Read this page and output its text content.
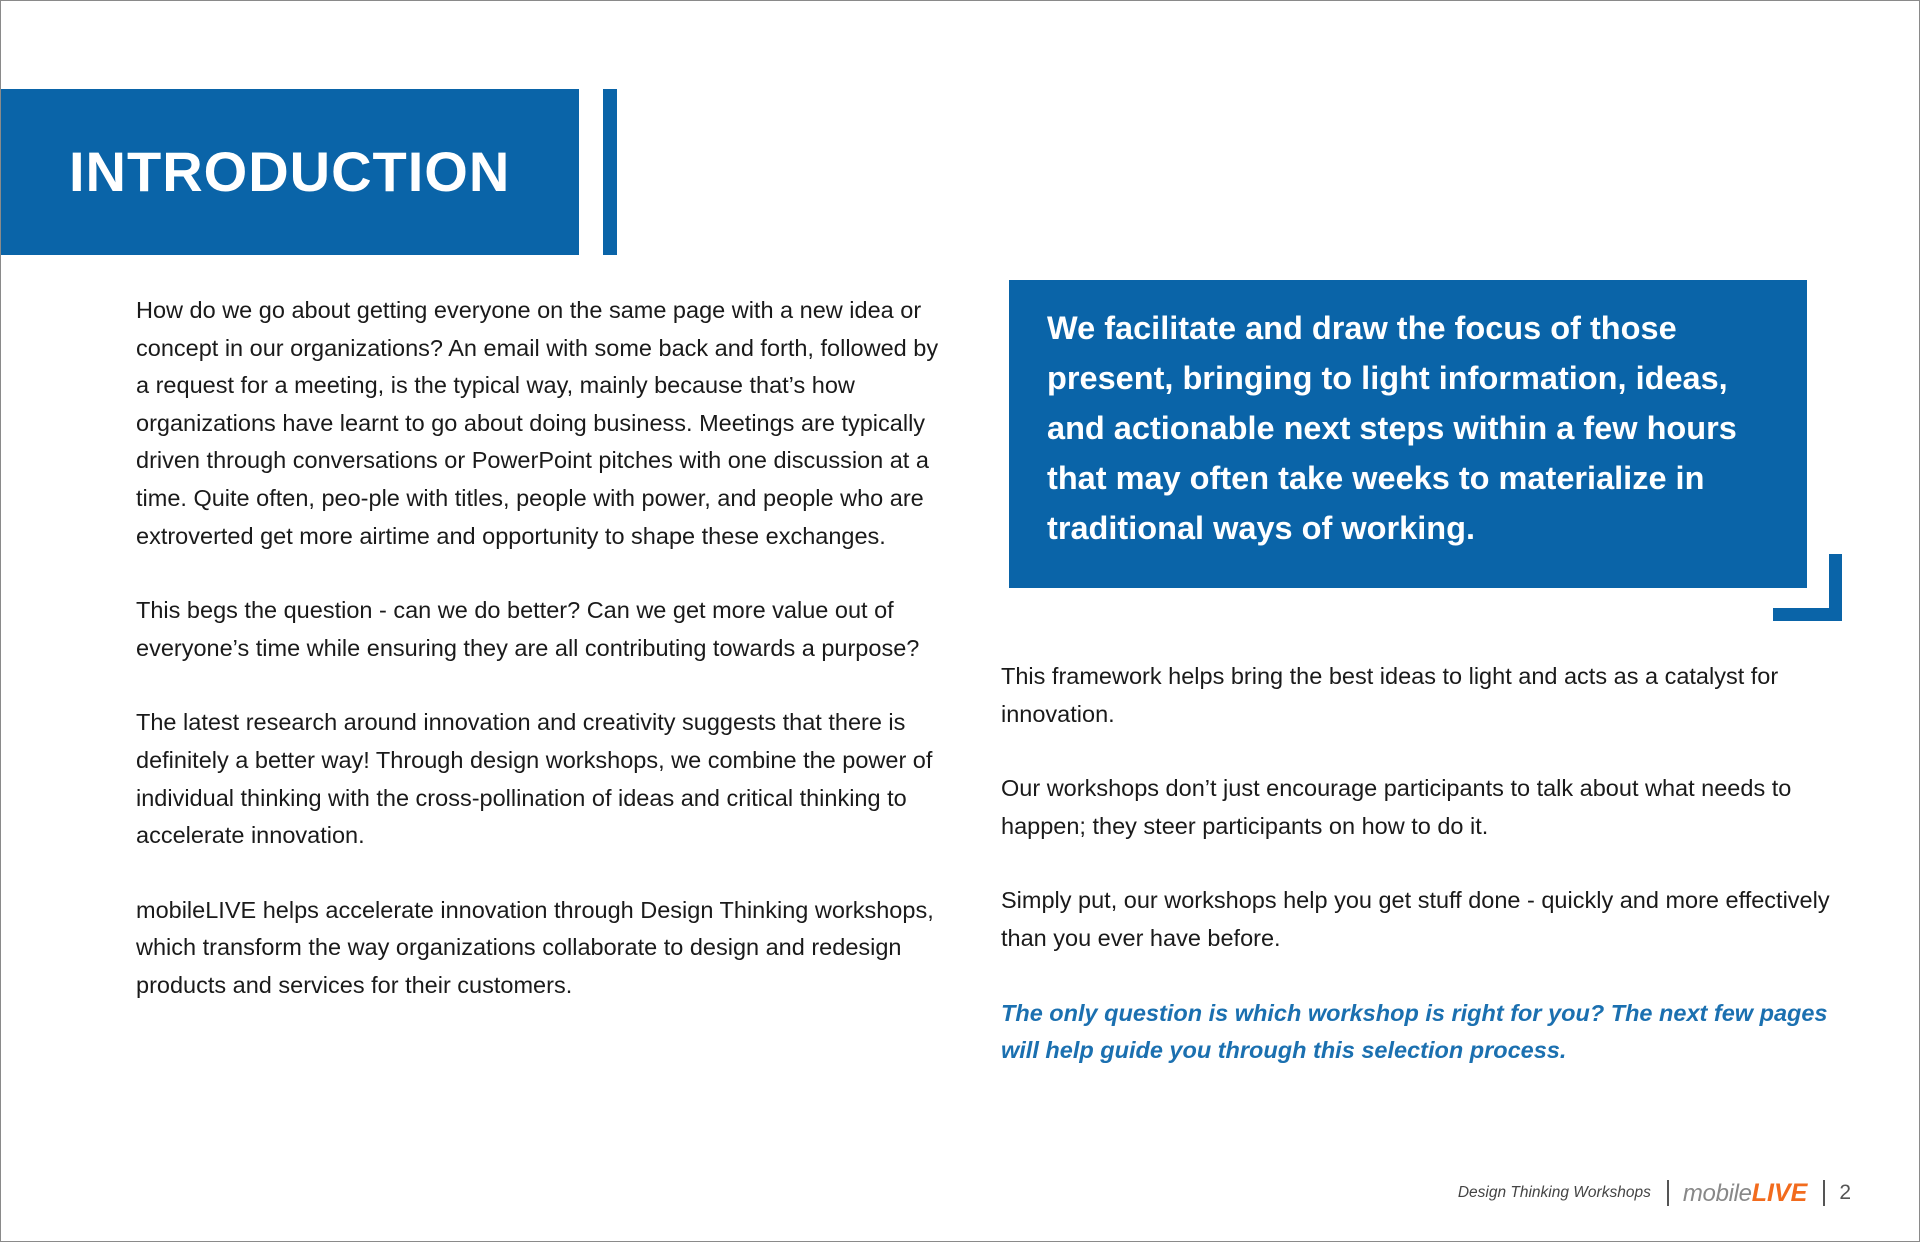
INTRODUCTION

How do we go about getting everyone on the same page with a new idea or concept in our organizations? An email with some back and forth, followed by a request for a meeting, is the typical way, mainly because that’s how organizations have learnt to go about doing business. Meetings are typically driven through conversations or PowerPoint pitches with one discussion at a time. Quite often, peo-ple with titles, people with power, and people who are extroverted get more airtime and opportunity to shape these exchanges.

This begs the question - can we do better? Can we get more value out of everyone’s time while ensuring they are all contributing towards a purpose?

The latest research around innovation and creativity suggests that there is definitely a better way! Through design workshops, we combine the power of individual thinking with the cross-pollination of ideas and critical thinking to accelerate innovation.

mobileLIVE helps accelerate innovation through Design Thinking workshops, which transform the way organizations collaborate to design and redesign products and services for their customers.

We facilitate and draw the focus of those present, bringing to light information, ideas, and actionable next steps within a few hours that may often take weeks to materialize in traditional ways of working.

This framework helps bring the best ideas to light and acts as a catalyst for innovation.

Our workshops don’t just encourage participants to talk about what needs to happen; they steer participants on how to do it.

Simply put, our workshops help you get stuff done - quickly and more effectively than you ever have before.

The only question is which workshop is right for you? The next few pages will help guide you through this selection process.

Design Thinking Workshops mobileLIVE 2
